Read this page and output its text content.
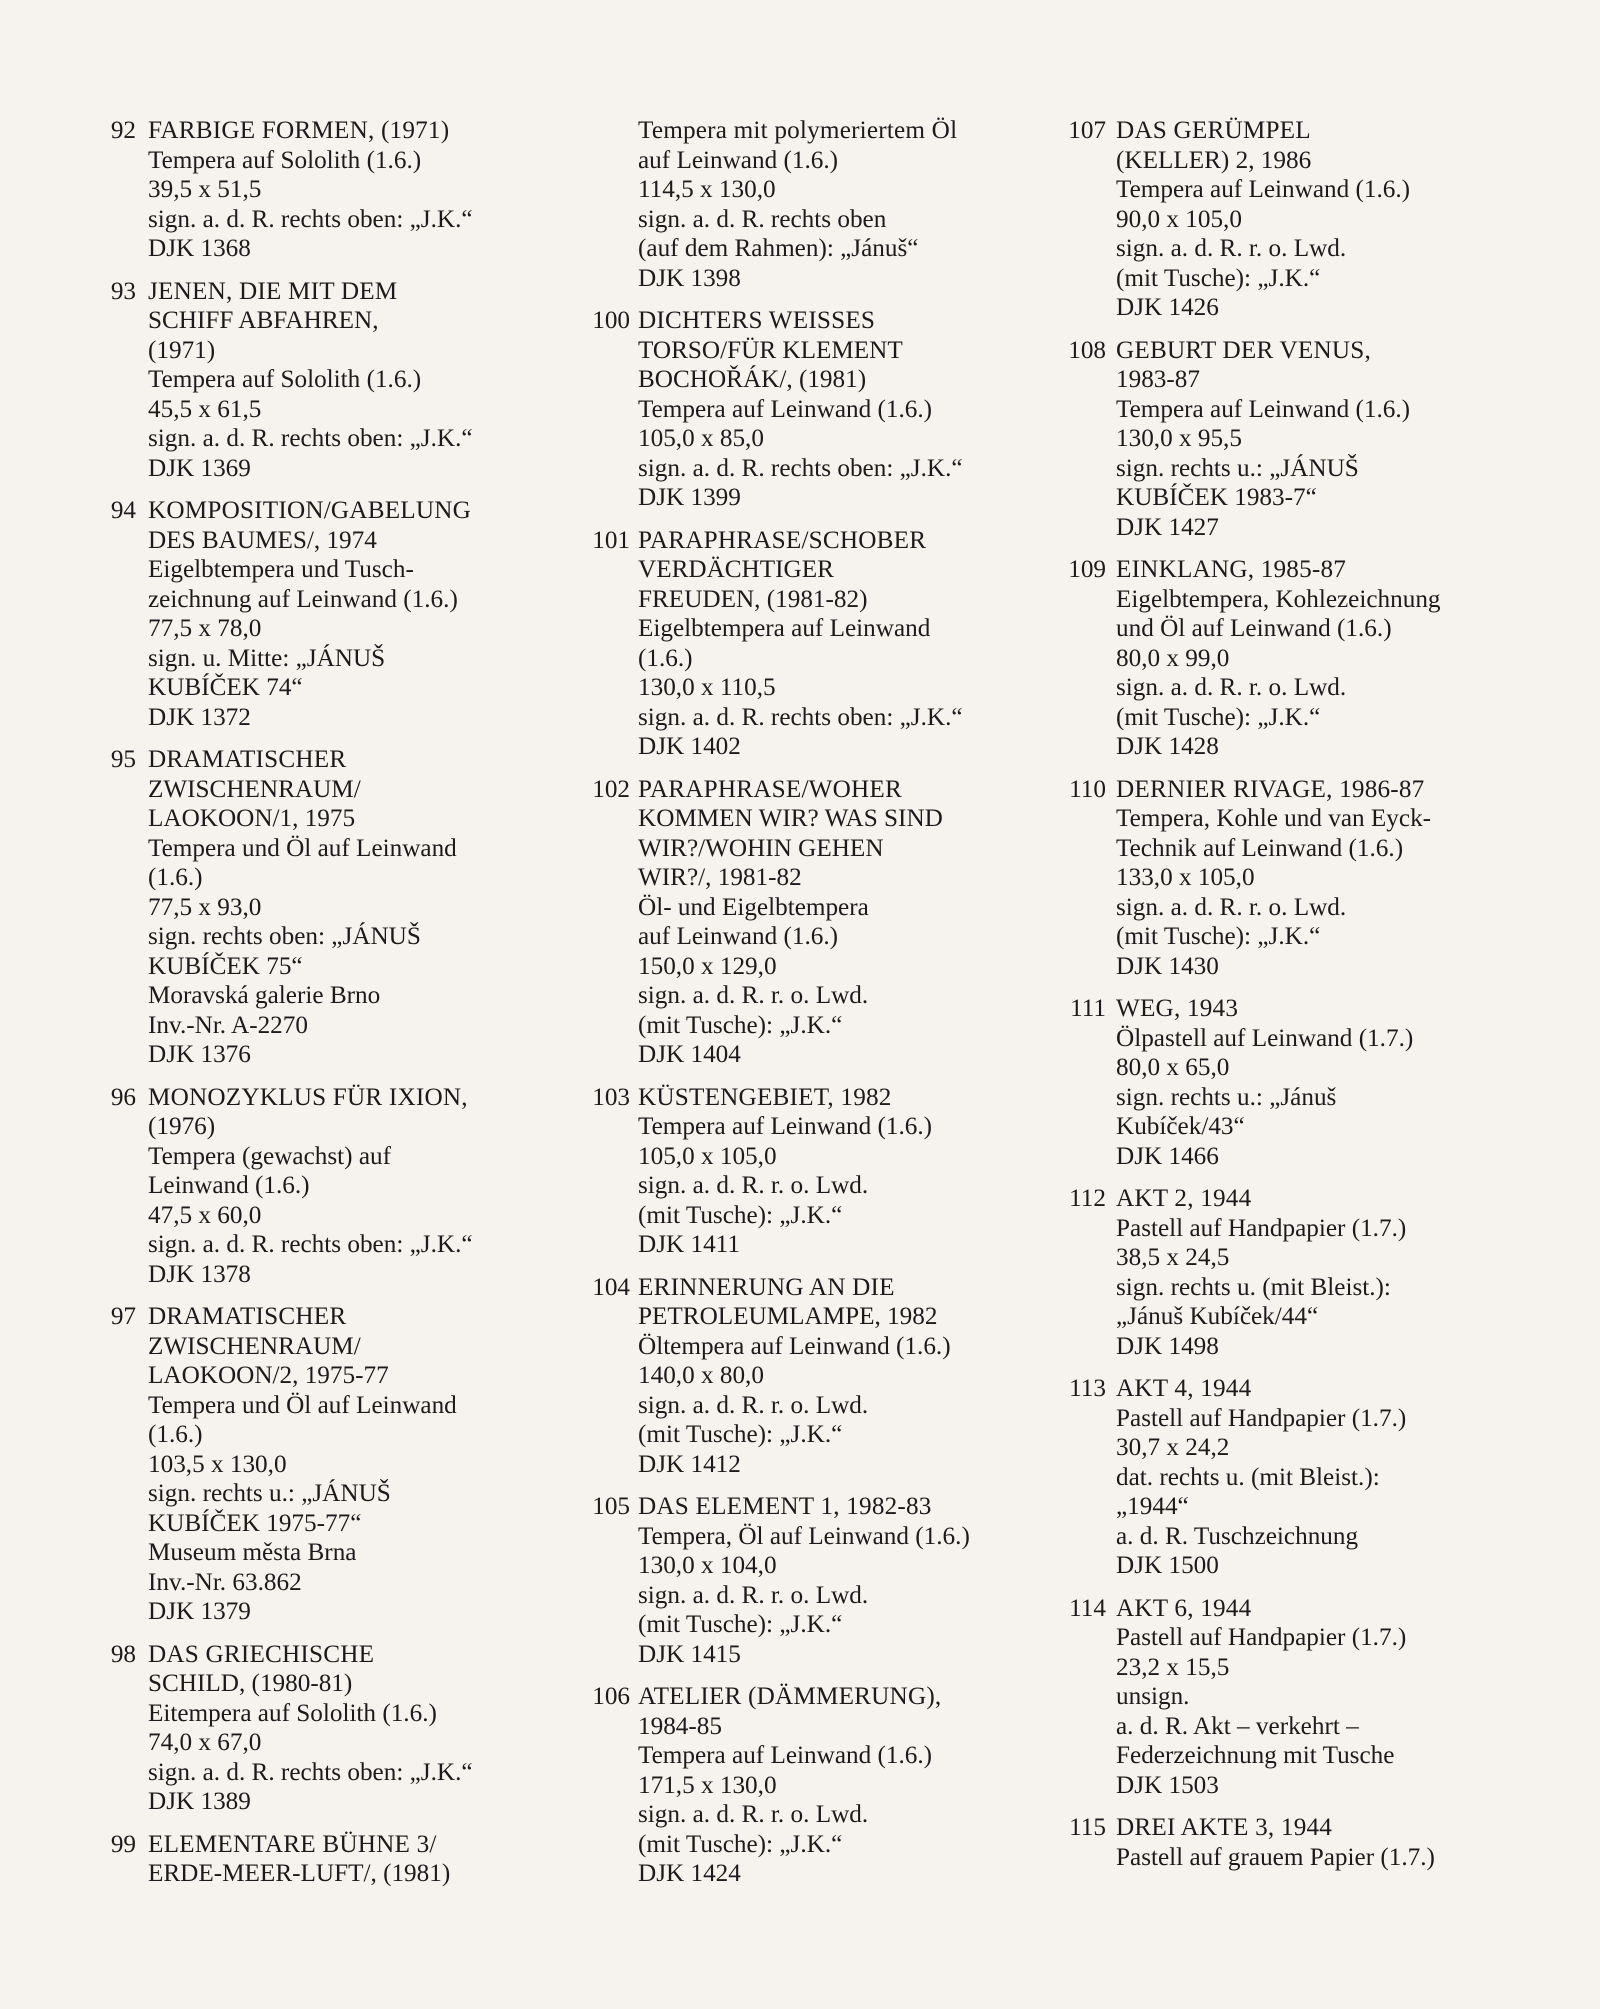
92 FARBIGE FORMEN, (1971)
Tempera auf Sololith (1.6.)
39,5 x 51,5
sign. a. d. R. rechts oben: „J.K.“
DJK 1368
93 JENEN, DIE MIT DEM
SCHIFF ABFAHREN,
(1971)
Tempera auf Sololith (1.6.)
45,5 x 61,5
sign. a. d. R. rechts oben: „J.K.“
DJK 1369
94 KOMPOSITION/GABELUNG
DES BAUMES/, 1974
Eigelbtempera und Tusch-
zeichnung auf Leinwand (1.6.)
77,5 x 78,0
sign. u. Mitte: „JÁNUŠ
KUBÍČEK 74“
DJK 1372
95 DRAMATISCHER
ZWISCHENRAUM/
LAOKOON/1, 1975
Tempera und Öl auf Leinwand
(1.6.)
77,5 x 93,0
sign. rechts oben: „JÁNUŠ
KUBÍČEK 75“
Moravská galerie Brno
Inv.-Nr. A-2270
DJK 1376
96 MONOZYKLUS FÜR IXION,
(1976)
Tempera (gewachst) auf
Leinwand (1.6.)
47,5 x 60,0
sign. a. d. R. rechts oben: „J.K.“
DJK 1378
97 DRAMATISCHER
ZWISCHENRAUM/
LAOKOON/2, 1975-77
Tempera und Öl auf Leinwand
(1.6.)
103,5 x 130,0
sign. rechts u.: „JÁNUŠ
KUBÍČEK 1975-77“
Museum města Brna
Inv.-Nr. 63.862
DJK 1379
98 DAS GRIECHISCHE
SCHILD, (1980-81)
Eitempera auf Sololith (1.6.)
74,0 x 67,0
sign. a. d. R. rechts oben: „J.K.“
DJK 1389
99 ELEMENTARE BÜHNE 3/
ERDE-MEER-LUFT/, (1981)
Tempera mit polymeriertem Öl
auf Leinwand (1.6.)
114,5 x 130,0
sign. a. d. R. rechts oben
(auf dem Rahmen): „Jánuš“
DJK 1398
100 DICHTERS WEISSES
TORSO/FÜR KLEMENT
BOCHOŘÁK/, (1981)
Tempera auf Leinwand (1.6.)
105,0 x 85,0
sign. a. d. R. rechts oben: „J.K.“
DJK 1399
101 PARAPHRASE/SCHOBER
VERDÄCHTIGER
FREUDEN, (1981-82)
Eigelbtempera auf Leinwand
(1.6.)
130,0 x 110,5
sign. a. d. R. rechts oben: „J.K.“
DJK 1402
102 PARAPHRASE/WOHER
KOMMEN WIR? WAS SIND
WIR?/WOHIN GEHEN
WIR?/, 1981-82
Öl- und Eigelbtempera
auf Leinwand (1.6.)
150,0 x 129,0
sign. a. d. R. r. o. Lwd.
(mit Tusche): „J.K.“
DJK 1404
103 KÜSTENGEBIET, 1982
Tempera auf Leinwand (1.6.)
105,0 x 105,0
sign. a. d. R. r. o. Lwd.
(mit Tusche): „J.K.“
DJK 1411
104 ERINNERUNG AN DIE
PETROLEUMLAMPE, 1982
Öltempera auf Leinwand (1.6.)
140,0 x 80,0
sign. a. d. R. r. o. Lwd.
(mit Tusche): „J.K.“
DJK 1412
105 DAS ELEMENT 1, 1982-83
Tempera, Öl auf Leinwand (1.6.)
130,0 x 104,0
sign. a. d. R. r. o. Lwd.
(mit Tusche): „J.K.“
DJK 1415
106 ATELIER (DÄMMERUNG),
1984-85
Tempera auf Leinwand (1.6.)
171,5 x 130,0
sign. a. d. R. r. o. Lwd.
(mit Tusche): „J.K.“
DJK 1424
107 DAS GERÜMPEL
(KELLER) 2, 1986
Tempera auf Leinwand (1.6.)
90,0 x 105,0
sign. a. d. R. r. o. Lwd.
(mit Tusche): „J.K.“
DJK 1426
108 GEBURT DER VENUS,
1983-87
Tempera auf Leinwand (1.6.)
130,0 x 95,5
sign. rechts u.: „JÁNUŠ
KUBÍČEK 1983-7“
DJK 1427
109 EINKLANG, 1985-87
Eigelbtempera, Kohlezeichnung
und Öl auf Leinwand (1.6.)
80,0 x 99,0
sign. a. d. R. r. o. Lwd.
(mit Tusche): „J.K.“
DJK 1428
110 DERNIER RIVAGE, 1986-87
Tempera, Kohle und van Eyck-
Technik auf Leinwand (1.6.)
133,0 x 105,0
sign. a. d. R. r. o. Lwd.
(mit Tusche): „J.K.“
DJK 1430
111 WEG, 1943
Ölpastell auf Leinwand (1.7.)
80,0 x 65,0
sign. rechts u.: „Jánuš
Kubíček/43“
DJK 1466
112 AKT 2, 1944
Pastell auf Handpapier (1.7.)
38,5 x 24,5
sign. rechts u. (mit Bleist.):
„Jánuš Kubíček/44“
DJK 1498
113 AKT 4, 1944
Pastell auf Handpapier (1.7.)
30,7 x 24,2
dat. rechts u. (mit Bleist.):
„1944“
a. d. R. Tuschzeichnung
DJK 1500
114 AKT 6, 1944
Pastell auf Handpapier (1.7.)
23,2 x 15,5
unsign.
a. d. R. Akt – verkehrt –
Federzeichnung mit Tusche
DJK 1503
115 DREI AKTE 3, 1944
Pastell auf grauem Papier (1.7.)
